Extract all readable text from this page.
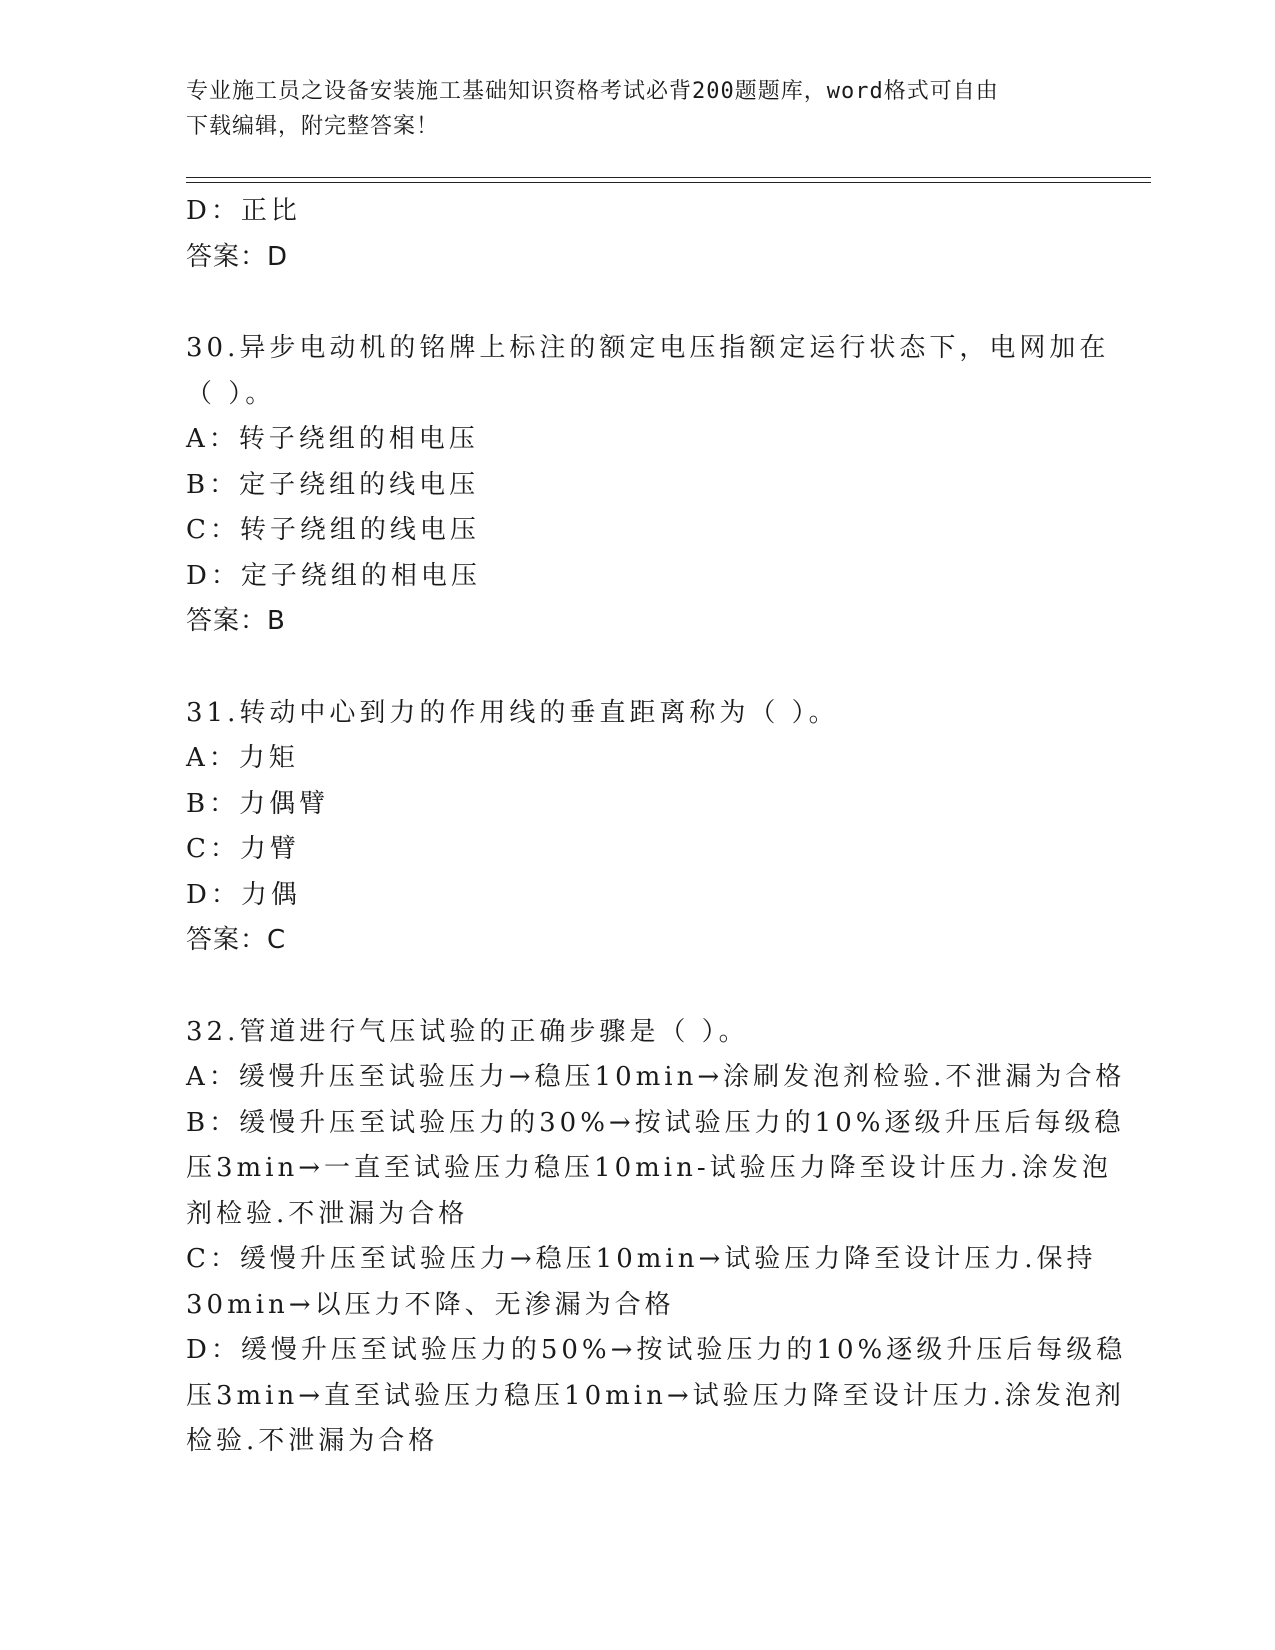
专业施工员之设备安装施工基础知识资格考试必背200题题库，word格式可自由
下载编辑，附完整答案！
D：正比
答案：D
30.异步电动机的铭牌上标注的额定电压指额定运行状态下，电网加在
（ ）。
A：转子绕组的相电压
B：定子绕组的线电压
C：转子绕组的线电压
D：定子绕组的相电压
答案：B
31.转动中心到力的作用线的垂直距离称为（ ）。
A：力矩
B：力偶臂
C：力臂
D：力偶
答案：C
32.管道进行气压试验的正确步骤是（ ）。
A：缓慢升压至试验压力→稳压10min→涂刷发泡剂检验.不泄漏为合格
B：缓慢升压至试验压力的30%→按试验压力的10%逐级升压后每级稳
压3min→一直至试验压力稳压10min-试验压力降至设计压力.涂发泡
剂检验.不泄漏为合格
C：缓慢升压至试验压力→稳压10min→试验压力降至设计压力.保持
30min→以压力不降、无渗漏为合格
D：缓慢升压至试验压力的50%→按试验压力的10%逐级升压后每级稳
压3min→直至试验压力稳压10min→试验压力降至设计压力.涂发泡剂
检验.不泄漏为合格
